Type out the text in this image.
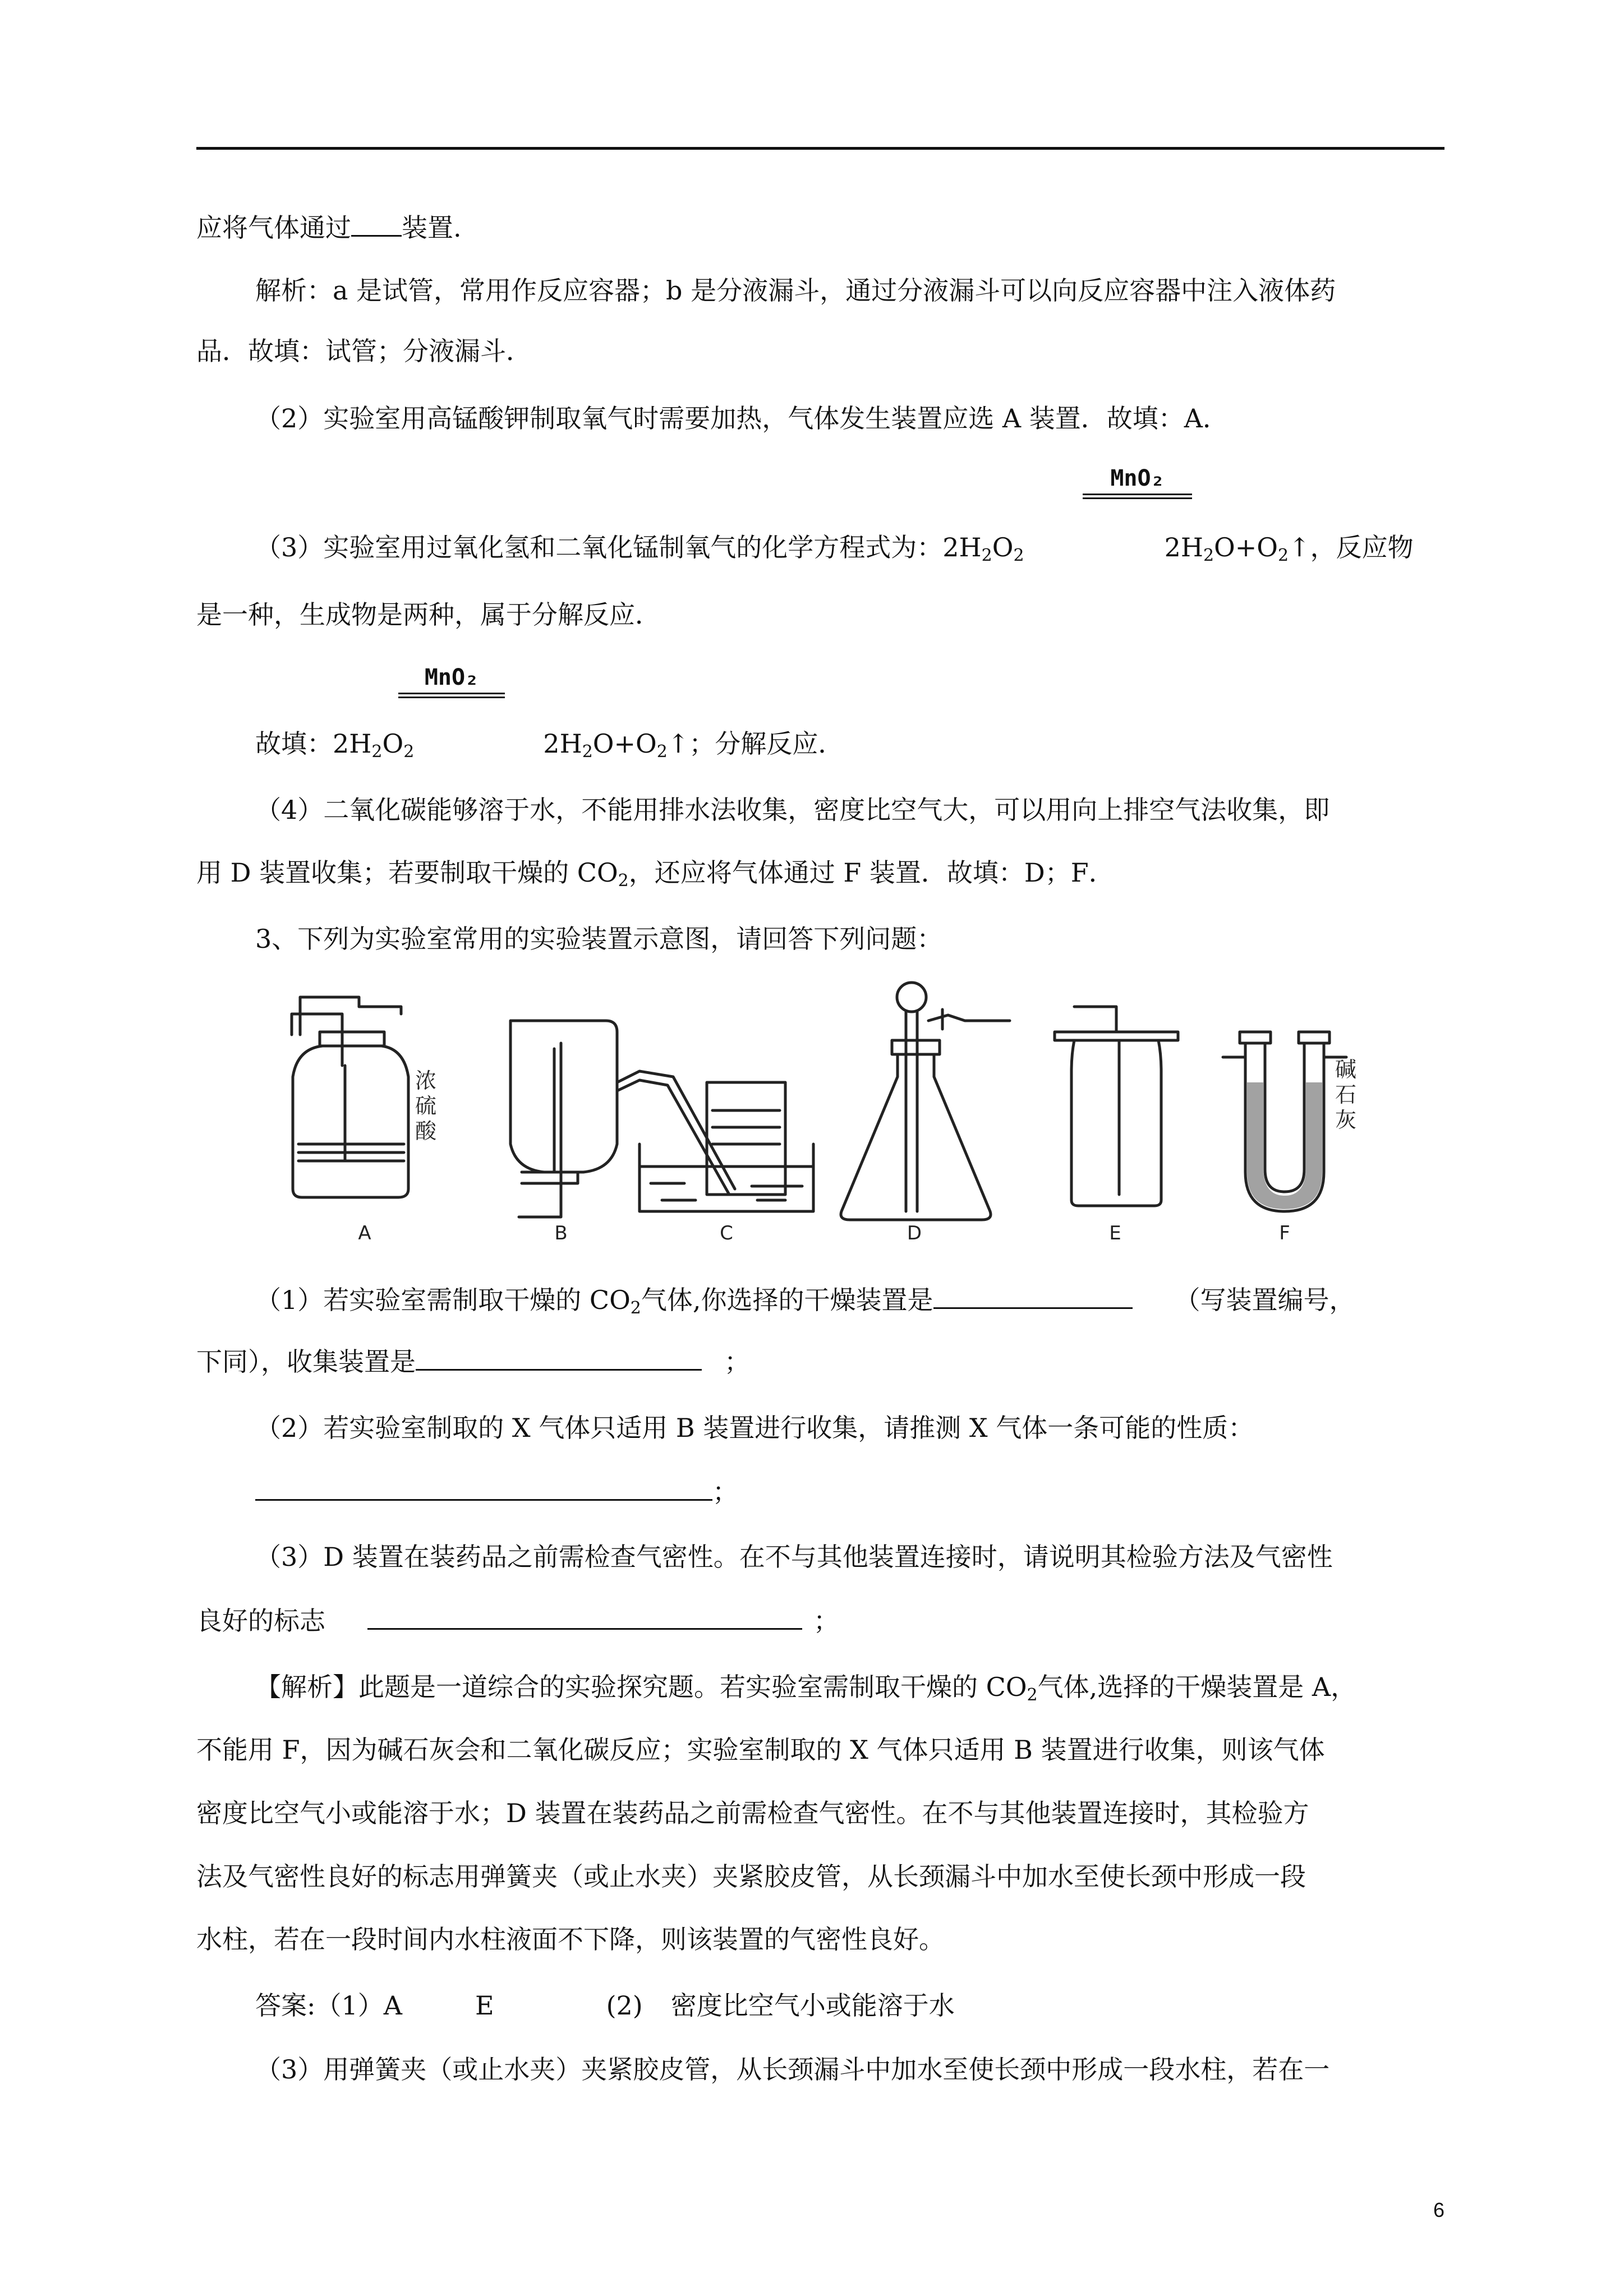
应将气体通过 装置.
解析：a 是试管，常用作反应容器；b 是分液漏斗，通过分液漏斗可以向反应容器中注入液体药
品．故填：试管；分液漏斗．
（2）实验室用高锰酸钾制取氧气时需要加热，气体发生装置应选 A 装置．故填：A．
MnO₂
（3）实验室用过氧化氢和二氧化锰制氧气的化学方程式为：$2H_2O_2$	$2H_2O+O_2↑$，反应物
是一种，生成物是两种，属于分解反应．
MnO₂
故填：$2H_2O_2$	$2H_2O+O_2↑$；分解反应．
（4）二氧化碳能够溶于水，不能用排水法收集，密度比空气大，可以用向上排空气法收集，即
用 D 装置收集；若要制取干燥的 $CO_2$，还应将气体通过 F 装置．故填：D；F．
3、下列为实验室常用的实验装置示意图，请回答下列问题：
浓
硫
酸
碱
石
灰
A	B	C	D	E	F
（1）若实验室需制取干燥的 $CO_2$气体,你选择的干燥装置是	（写装置编号，
下同），收集装置是	；
（2）若实验室制取的 X 气体只适用 B 装置进行收集，请推测 X 气体一条可能的性质：
；
（3）D 装置在装药品之前需检查气密性。在不与其他装置连接时，请说明其检验方法及气密性
良好的标志	；
【解析】此题是一道综合的实验探究题。若实验室需制取干燥的 $CO_2$气体,选择的干燥装置是 A，
不能用 F，因为碱石灰会和二氧化碳反应；实验室制取的 X 气体只适用 B 装置进行收集，则该气体
密度比空气小或能溶于水；D 装置在装药品之前需检查气密性。在不与其他装置连接时，其检验方
法及气密性良好的标志用弹簧夹（或止水夹）夹紧胶皮管，从长颈漏斗中加水至使长颈中形成一段
水柱，若在一段时间内水柱液面不下降，则该装置的气密性良好。
答案:（1）A	E	(2) 密度比空气小或能溶于水
（3）用弹簧夹（或止水夹）夹紧胶皮管，从长颈漏斗中加水至使长颈中形成一段水柱，若在一
6
